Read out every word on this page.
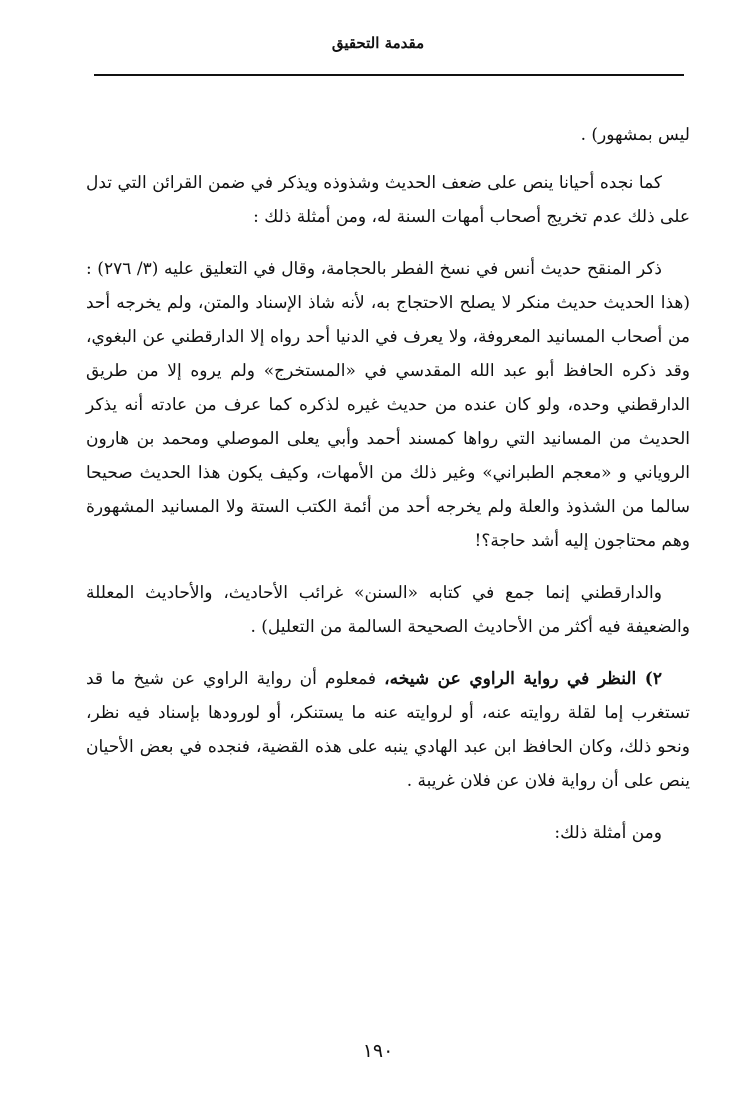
مقدمة التحقيق

ليس بمشهور) .

كما نجده أحيانا ينص على ضعف الحديث وشذوذه ويذكر في ضمن القرائن التي تدل على ذلك عدم تخريج أصحاب أمهات السنة له، ومن أمثلة ذلك :

ذكر المنقح حديث أنس في نسخ الفطر بالحجامة، وقال في التعليق عليه (٣/ ٢٧٦) : (هذا الحديث حديث منكر لا يصلح الاحتجاج به، لأنه شاذ الإسناد والمتن، ولم يخرجه أحد من أصحاب المسانيد المعروفة، ولا يعرف في الدنيا أحد رواه إلا الدارقطني عن البغوي، وقد ذكره الحافظ أبو عبد الله المقدسي في «المستخرج» ولم يروه إلا من طريق الدارقطني وحده، ولو كان عنده من حديث غيره لذكره كما عرف من عادته أنه يذكر الحديث من المسانيد التي رواها كمسند أحمد وأبي يعلى الموصلي ومحمد بن هارون الروياني و «معجم الطبراني» وغير ذلك من الأمهات، وكيف يكون هذا الحديث صحيحا سالما من الشذوذ والعلة ولم يخرجه أحد من أئمة الكتب الستة ولا المسانيد المشهورة وهم محتاجون إليه أشد حاجة؟!

والدارقطني إنما جمع في كتابه «السنن» غرائب الأحاديث، والأحاديث المعللة والضعيفة فيه أكثر من الأحاديث الصحيحة السالمة من التعليل) .

٢) النظر في رواية الراوي عن شيخه، فمعلوم أن رواية الراوي عن شيخ ما قد تستغرب إما لقلة روايته عنه، أو لروايته عنه ما يستنكر، أو لورودها بإسناد فيه نظر، ونحو ذلك، وكان الحافظ ابن عبد الهادي ينبه على هذه القضية، فنجده في بعض الأحيان ينص على أن رواية فلان عن فلان غريبة .

ومن أمثلة ذلك:

١٩٠
